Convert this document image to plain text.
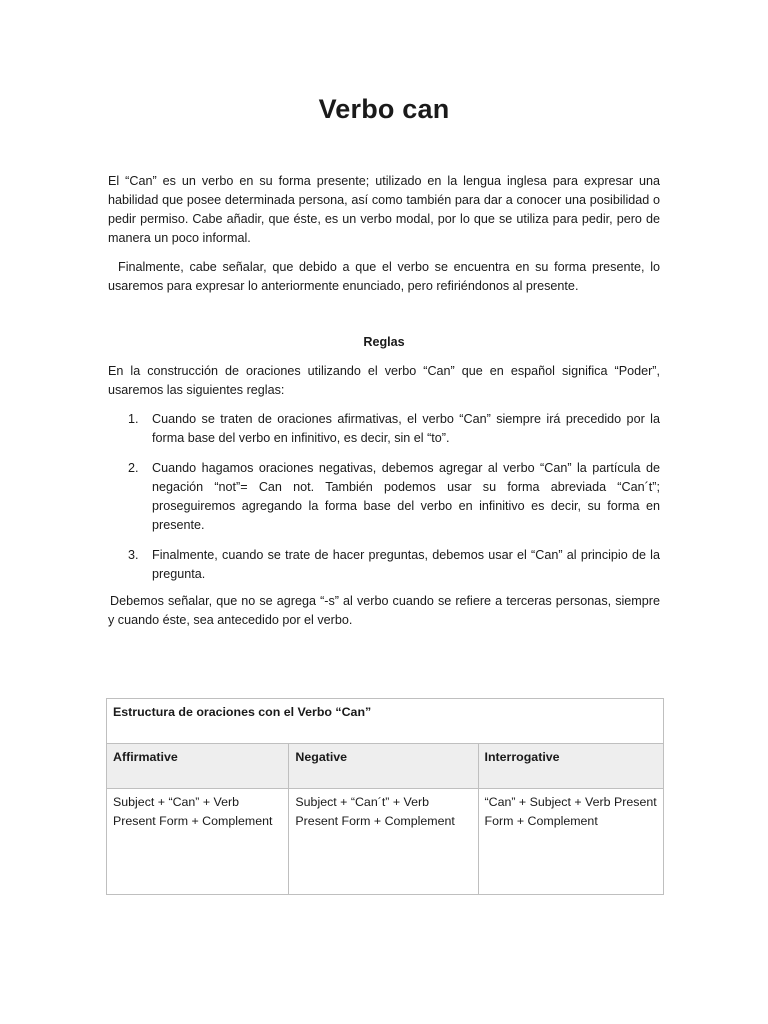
Verbo can
El “Can” es un verbo en su forma presente; utilizado en la lengua inglesa para expresar una habilidad que posee determinada persona, así como también para dar a conocer una posibilidad o pedir permiso. Cabe añadir, que éste, es un verbo modal, por lo que se utiliza para pedir, pero de manera un poco informal.
Finalmente, cabe señalar, que debido a que el verbo se encuentra en su forma presente, lo usaremos para expresar lo anteriormente enunciado, pero refiriéndonos al presente.
Reglas
En la construcción de oraciones utilizando el verbo “Can” que en español significa “Poder”, usaremos las siguientes reglas:
1. Cuando se traten de oraciones afirmativas, el verbo “Can” siempre irá precedido por la forma base del verbo en infinitivo, es decir, sin el “to”.
2. Cuando hagamos oraciones negativas, debemos agregar al verbo “Can” la partícula de negación “not”= Can not. También podemos usar su forma abreviada “Can´t”; proseguiremos agregando la forma base del verbo en infinitivo es decir, su forma en presente.
3. Finalmente, cuando se trate de hacer preguntas, debemos usar el “Can” al principio de la pregunta.
Debemos señalar, que no se agrega “-s” al verbo cuando se refiere a terceras personas, siempre y cuando éste, sea antecedido por el verbo.
Estructura de oraciones con el Verbo “Can”		
Affirmative	Negative	Interrogative
Subject + “Can” + Verb Present Form + Complement	Subject + “Can´t” + Verb Present Form + Complement	“Can” + Subject + Verb Present Form + Complement
